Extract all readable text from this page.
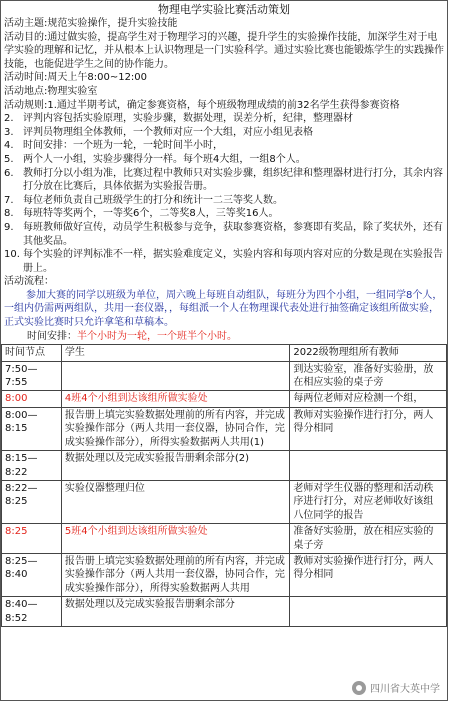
物理电学实验比赛活动策划
活动主题:规范实验操作，提升实验技能
活动目的:通过做实验，提高学生对于物理学习的兴趣，提升学生的实验操作技能，加深学生对于电学实验的理解和记忆，并从根本上认识物理是一门实验科学。通过实验比赛也能锻炼学生的实践操作技能，也能促进学生之间的协作能力。
活动时间:周天上午8:00~12:00
活动地点:物理实验室
活动规则:1.通过半期考试，确定参赛资格，每个班级物理成绩的前32名学生获得参赛资格
2. 评判内容包括实验原理，实验步骤，数据处理，误差分析，纪律，整理器材
3. 评判员物理组全体教师，一个教师对应一个大组，对应小组见表格
4. 时间安排：一个班为一轮，一轮时间半小时，
5. 两个人一小组，实验步骤得分一样。每个班4大组，一组8个人。
6. 教师打分以小组为准，比赛过程中教师只对实验步骤，组织纪律和整理器材进行打分，其余内容打分放在比赛后，具体依据为实验报告册。
7. 每位老师负责自己班级学生的打分和统计一二三等奖人数。
8. 每班特等奖两个，一等奖6个，二等奖8人，三等奖16人。
9. 每班教师做好宣传，动员学生积极参与竞争，获取参赛资格，参赛即有奖品，除了奖状外，还有其他奖品。
10. 每个实验的评判标准不一样，据实验难度定义，实验内容和每项内容对应的分数是现在实验报告册上。
活动流程：
参加大赛的同学以班级为单位，周六晚上每班自动组队，每班分为四个小组，一组同学8个人，一组内仍需两两组队，共用一套仪器，，每组派一个人在物理课代表处进行抽签确定该组所做实验，正式实验比赛时只允许拿笔和草稿本。
时间安排：半个小时为一轮，一个班半个小时。
时间节点	学生	2022级物理组所有教师
7:50—7:55		到达实验室，准备好实验册，放在相应实验的桌子旁
8:00	4班4个小组到达该组所做实验处	每两位老师对应检测一个组，
8:00—8:15	报告册上填完实验数据处理前的所有内容，并完成实验操作部分（两人共用一套仪器，协同合作，完成实验操作部分），所得实验数据两人共用(1)	教师对实验操作进行打分，两人得分相同
8:15—8:22	数据处理以及完成实验报告册剩余部分(2)	
8:22—8:25	实验仪器整理归位	老师对学生仪器的整理和活动秩序进行打分，对应老师收好该组八位同学的报告
8:25	5班4个小组到达该组所做实验处	准备好实验册，放在相应实验的桌子旁
8:25—8:40	报告册上填完实验数据处理前的所有内容，并完成实验操作部分（两人共用一套仪器，协同合作，完成实验操作部分），所得实验数据两人共用	教师对实验操作进行打分，两人得分相同
8:40—8:52	数据处理以及完成实验报告册剩余部分	
四川省大英中学
